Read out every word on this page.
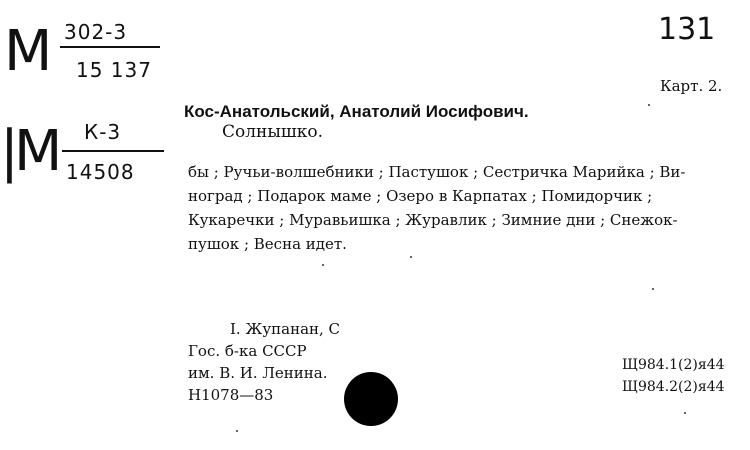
М 302-3
15 137
|
М К-3
14508
131
Карт. 2.
Кос-Анатольский, Анатолий Иосифович.
Солнышко.
бы ; Ручьи-волшебники ; Пастушок ; Сестричка Марийка ; Ви-
ноград ; Подарок маме ; Озеро в Карпатах ; Помидорчик ;
Кукаречки ; Муравьишка ; Журавлик ; Зимние дни ; Снежок-
пушок ; Весна идет.
I. Жупанан, С
Гос. б-ка СССР
им. В. И. Ленина.
Н1078—83
Щ984.1(2)я44
Щ984.2(2)я44
